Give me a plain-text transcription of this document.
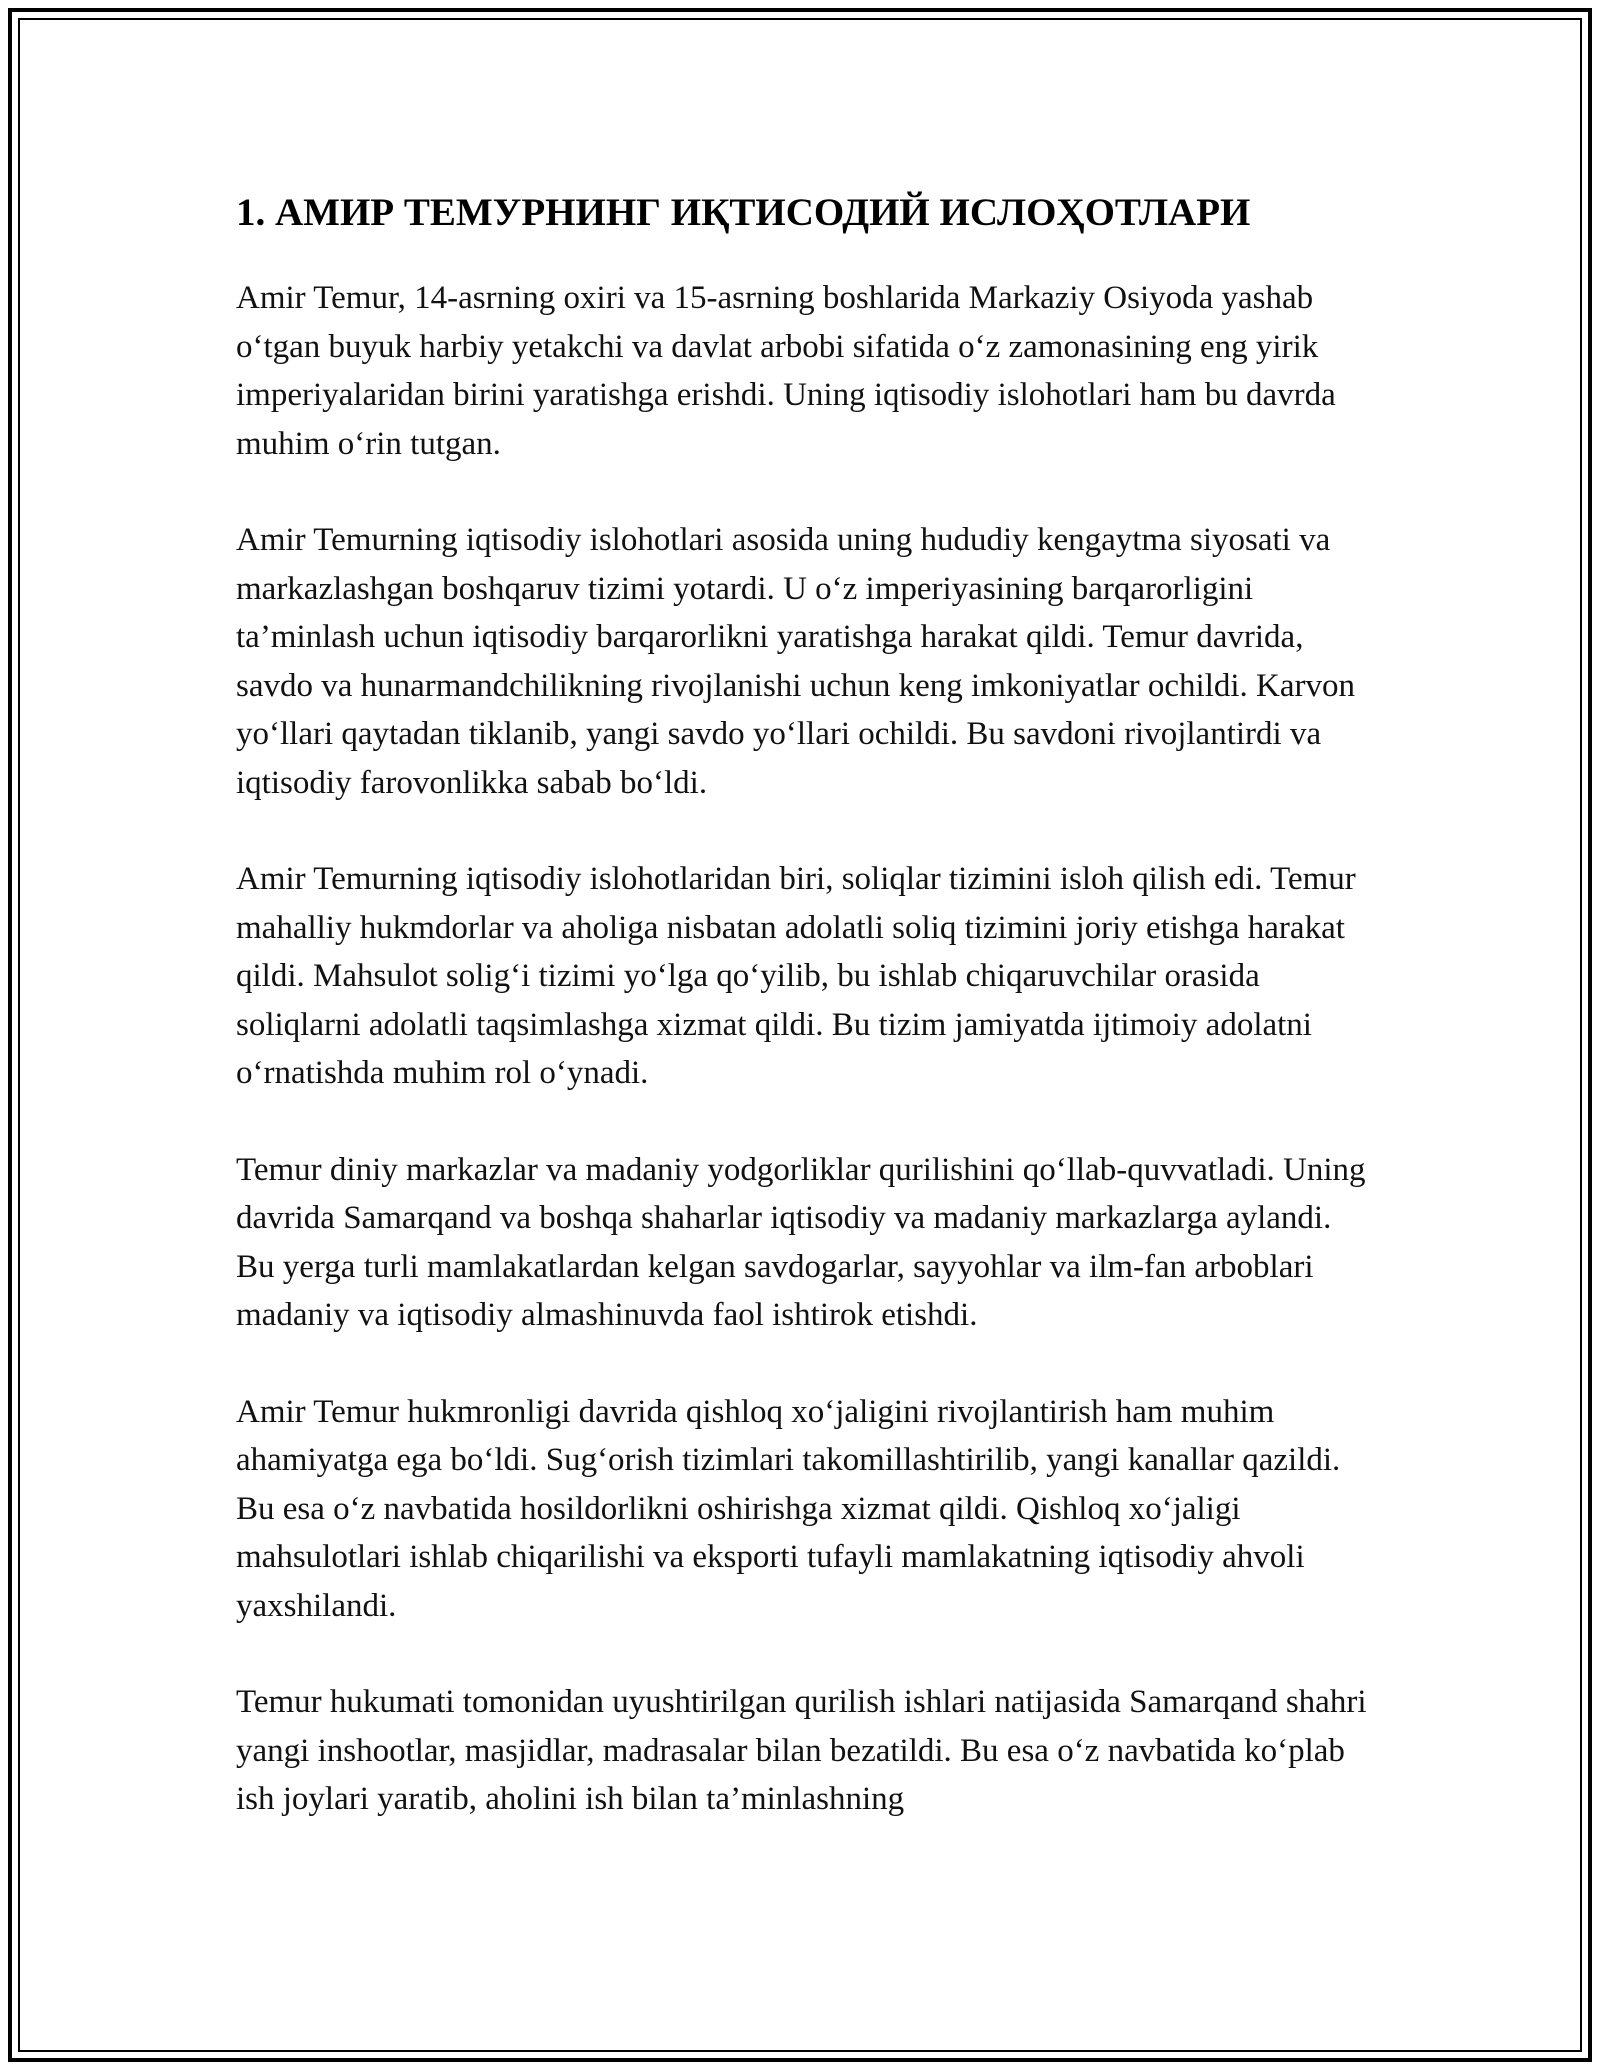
1. АМИР ТЕМУРНИНГ ИҚТИСОДИЙ ИСЛОҲОТЛАРИ

Amir Temur, 14-asrning oxiri va 15-asrning boshlarida Markaziy Osiyoda yashab o‘tgan buyuk harbiy yetakchi va davlat arbobi sifatida o‘z zamonasining eng yirik imperiyalaridan birini yaratishga erishdi. Uning iqtisodiy islohotlari ham bu davrda muhim o‘rin tutgan.

Amir Temurning iqtisodiy islohotlari asosida uning hududiy kengaytma siyosati va markazlashgan boshqaruv tizimi yotardi. U o‘z imperiyasining barqarorligini ta’minlash uchun iqtisodiy barqarorlikni yaratishga harakat qildi. Temur davrida, savdo va hunarmandchilikning rivojlanishi uchun keng imkoniyatlar ochildi. Karvon yo‘llari qaytadan tiklanib, yangi savdo yo‘llari ochildi. Bu savdoni rivojlantirdi va iqtisodiy farovonlikka sabab bo‘ldi.

Amir Temurning iqtisodiy islohotlaridan biri, soliqlar tizimini isloh qilish edi. Temur mahalliy hukmdorlar va aholiga nisbatan adolatli soliq tizimini joriy etishga harakat qildi. Mahsulot solig‘i tizimi yo‘lga qo‘yilib, bu ishlab chiqaruvchilar orasida soliqlarni adolatli taqsimlashga xizmat qildi. Bu tizim jamiyatda ijtimoiy adolatni o‘rnatishda muhim rol o‘ynadi.

Temur diniy markazlar va madaniy yodgorliklar qurilishini qo‘llab-quvvatladi. Uning davrida Samarqand va boshqa shaharlar iqtisodiy va madaniy markazlarga aylandi. Bu yerga turli mamlakatlardan kelgan savdogarlar, sayyohlar va ilm-fan arboblari madaniy va iqtisodiy almashinuvda faol ishtirok etishdi.

Amir Temur hukmronligi davrida qishloq xo‘jaligini rivojlantirish ham muhim ahamiyatga ega bo‘ldi. Sug‘orish tizimlari takomillashtirilib, yangi kanallar qazildi. Bu esa o‘z navbatida hosildorlikni oshirishga xizmat qildi. Qishloq xo‘jaligi mahsulotlari ishlab chiqarilishi va eksporti tufayli mamlakatning iqtisodiy ahvoli yaxshilandi.

Temur hukumati tomonidan uyushtirilgan qurilish ishlari natijasida Samarqand shahri yangi inshootlar, masjidlar, madrasalar bilan bezatildi. Bu esa o‘z navbatida ko‘plab ish joylari yaratib, aholini ish bilan ta’minlashning
